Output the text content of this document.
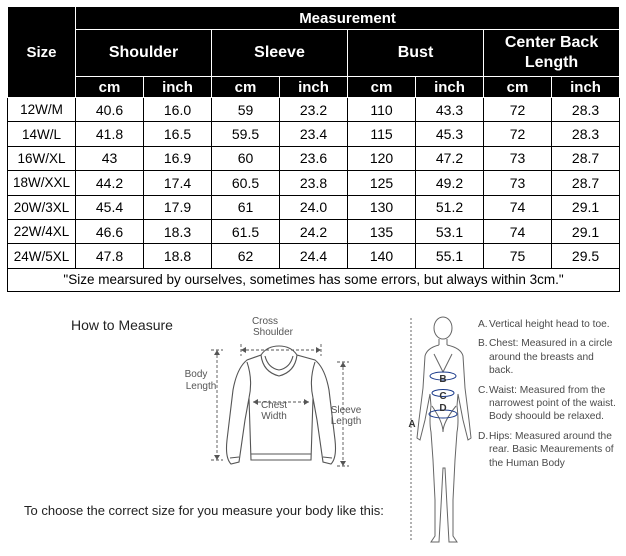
Size	Measurement							
	Shoulder		Sleeve		Bust		Center Back Length	
	cm	inch	cm	inch	cm	inch	cm	inch
12W/M	40.6	16.0	59	23.2	110	43.3	72	28.3
14W/L	41.8	16.5	59.5	23.4	115	45.3	72	28.3
16W/XL	43	16.9	60	23.6	120	47.2	73	28.7
18W/XXL	44.2	17.4	60.5	23.8	125	49.2	73	28.7
20W/3XL	45.4	17.9	61	24.0	130	51.2	74	29.1
22W/4XL	46.6	18.3	61.5	24.2	135	53.1	74	29.1
24W/5XL	47.8	18.8	62	24.4	140	55.1	75	29.5
"Size mearsured by ourselves, sometimes has some errors, but always within 3cm."								
How to Measure	Cross
Shoulder
Body
Length
Chest
Width
Sleeve
Length
To choose the correct size for you measure your body like this:
B
C
D
A
A. Vertical height head to toe.
B. Chest: Measured in a circle around the breasts and back.
C. Waist: Measured from the narrowest point of the waist. Body shoould be relaxed.
D. Hips: Measured around the rear. Basic Meaurements of the Human Body
